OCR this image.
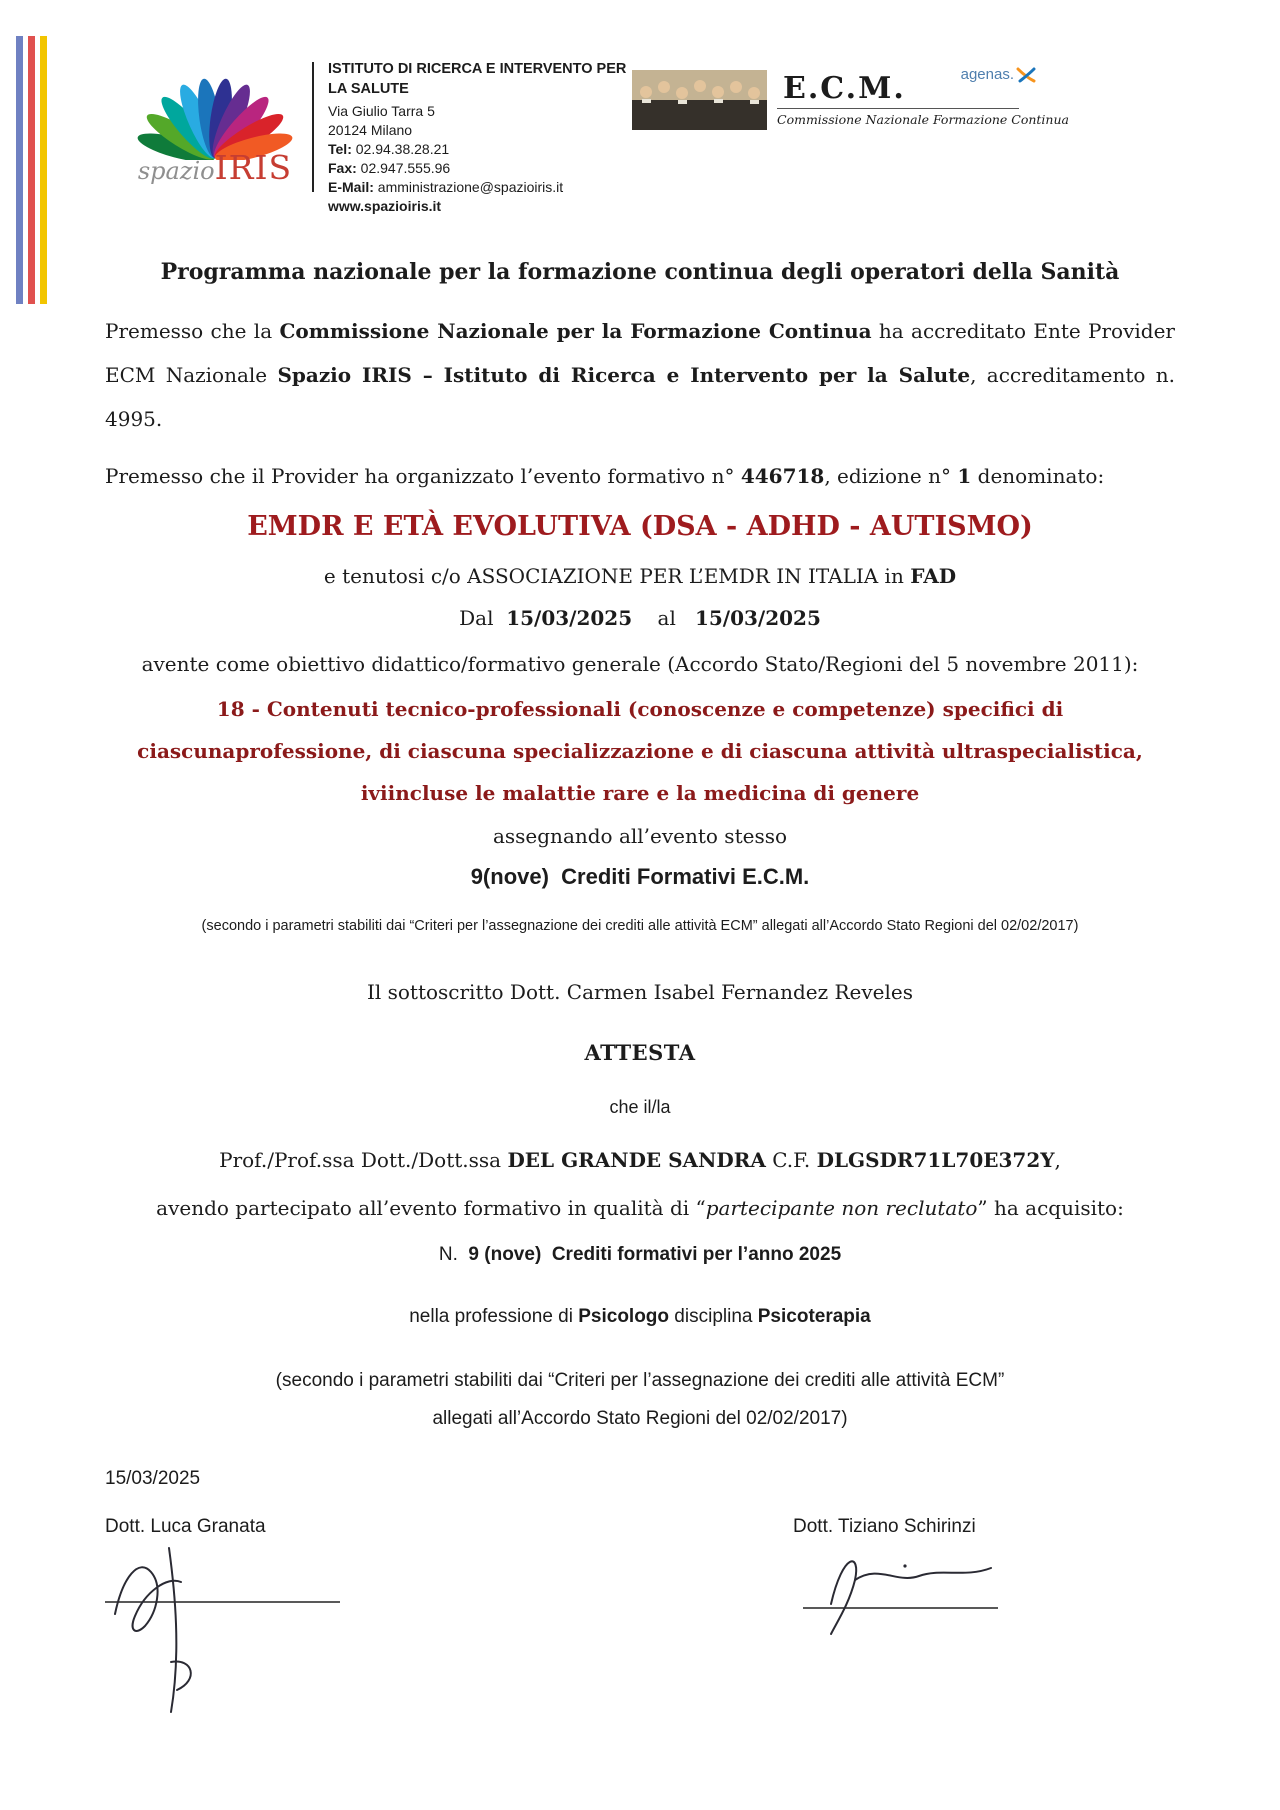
spazioIRIS
ISTITUTO DI RICERCA E INTERVENTO PER LA SALUTE
Via Giulio Tarra 5
20124 Milano
Tel: 02.94.38.28.21
Fax: 02.947.555.96
E-Mail: amministrazione@spazioiris.it
www.spazioiris.it
E.C.M.
Commissione Nazionale Formazione Continua
agenas.
Programma nazionale per la formazione continua degli operatori della Sanità

Premesso che la Commissione Nazionale per la Formazione Continua ha accreditato Ente Provider ECM Nazionale Spazio IRIS – Istituto di Ricerca e Intervento per la Salute, accreditamento n. 4995.

Premesso che il Provider ha organizzato l’evento formativo n° 446718, edizione n° 1 denominato:

EMDR E ETÀ EVOLUTIVA (DSA - ADHD - AUTISMO)
e tenutosi c/o ASSOCIAZIONE PER L’EMDR IN ITALIA in FAD
Dal  15/03/2025    al   15/03/2025
avente come obiettivo didattico/formativo generale (Accordo Stato/Regioni del 5 novembre 2011):
18 - Contenuti tecnico-professionali (conoscenze e competenze) specifici di ciascunaprofessione, di ciascuna specializzazione e di ciascuna attività ultraspecialistica, iviincluse le malattie rare e la medicina di genere
assegnando all’evento stesso
9(nove)  Crediti Formativi E.C.M.
(secondo i parametri stabiliti dai “Criteri per l’assegnazione dei crediti alle attività ECM” allegati all’Accordo Stato Regioni del 02/02/2017)
Il sottoscritto Dott. Carmen Isabel Fernandez Reveles
ATTESTA
che il/la
Prof./Prof.ssa Dott./Dott.ssa DEL GRANDE SANDRA C.F. DLGSDR71L70E372Y,
avendo partecipato all’evento formativo in qualità di “partecipante non reclutato” ha acquisito:
N.  9 (nove)  Crediti formativi per l’anno 2025
nella professione di Psicologo disciplina Psicoterapia
(secondo i parametri stabiliti dai “Criteri per l’assegnazione dei crediti alle attività ECM”
allegati all’Accordo Stato Regioni del 02/02/2017)
15/03/2025
Dott. Luca Granata	Dott. Tiziano Schirinzi
